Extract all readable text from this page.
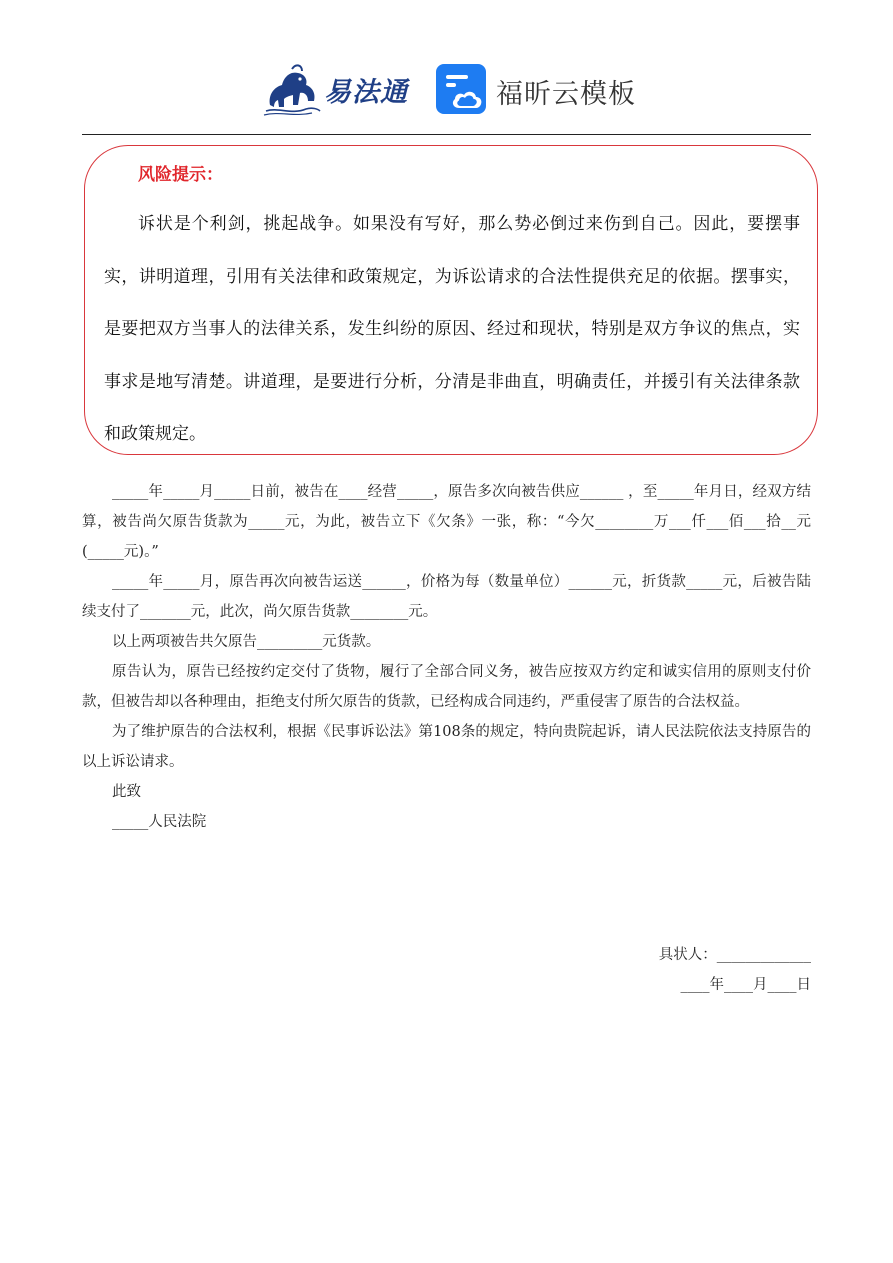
易法通	福昕云模板
风险提示：

诉状是个利剑，挑起战争。如果没有写好，那么势必倒过来伤到自己。因此，要摆事实，讲明道理，引用有关法律和政策规定，为诉讼请求的合法性提供充足的依据。摆事实，是要把双方当事人的法律关系，发生纠纷的原因、经过和现状，特别是双方争议的焦点，实事求是地写清楚。讲道理，是要进行分析，分清是非曲直，明确责任，并援引有关法律条款和政策规定。

_____年_____月_____日前，被告在____经营_____，原告多次向被告供应______ ，至_____年月日，经双方结算，被告尚欠原告货款为_____元，为此，被告立下《欠条》一张，称：“今欠________万___仟___佰___拾__元(_____元)。”

_____年_____月，原告再次向被告运送______，价格为每（数量单位）______元，折货款_____元，后被告陆续支付了_______元，此次，尚欠原告货款________元。

以上两项被告共欠原告_________元货款。

原告认为，原告已经按约定交付了货物，履行了全部合同义务，被告应按双方约定和诚实信用的原则支付价款，但被告却以各种理由，拒绝支付所欠原告的货款，已经构成合同违约，严重侵害了原告的合法权益。

为了维护原告的合法权利，根据《民事诉讼法》第108条的规定，特向贵院起诉，请人民法院依法支持原告的以上诉讼请求。

此致

_____人民法院

具状人：_____________
____年____月____日
